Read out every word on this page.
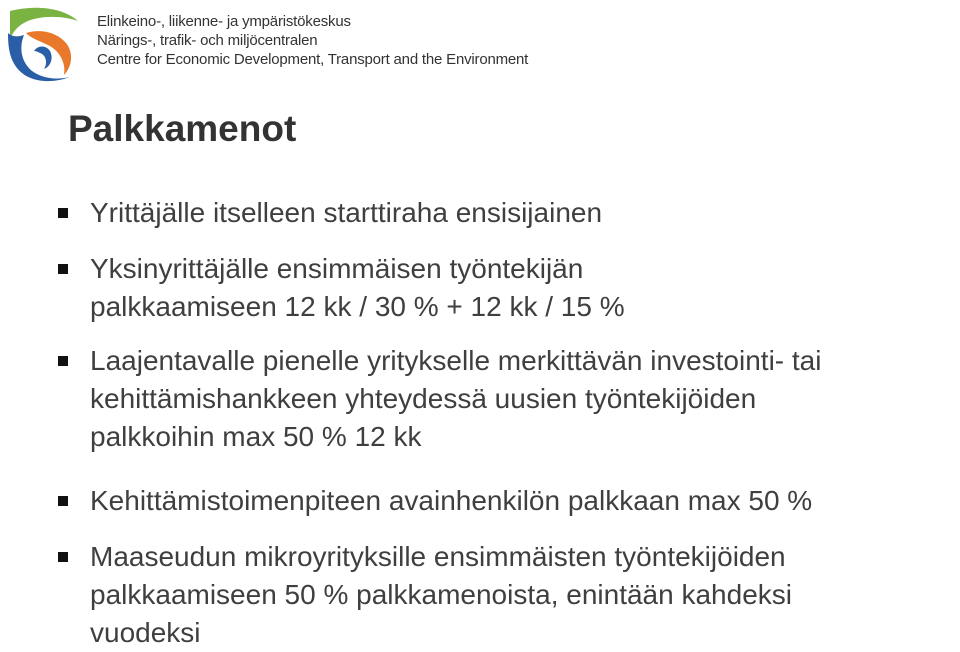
Elinkeino-, liikenne- ja ympäristökeskus
Närings-, trafik- och miljöcentralen
Centre for Economic Development, Transport and the Environment
Palkkamenot
Yrittäjälle itselleen starttiraha ensisijainen
Yksinyrittäjälle ensimmäisen työntekijän
palkkaamiseen 12 kk / 30 % + 12 kk / 15 %
Laajentavalle pienelle yritykselle merkittävän investointi- tai
kehittämishankkeen yhteydessä uusien työntekijöiden
palkkoihin max 50 % 12 kk
Kehittämistoimenpiteen avainhenkilön palkkaan max 50 %
Maaseudun mikroyrityksille ensimmäisten työntekijöiden
palkkaamiseen 50 % palkkamenoista, enintään kahdeksi
vuodeksi
